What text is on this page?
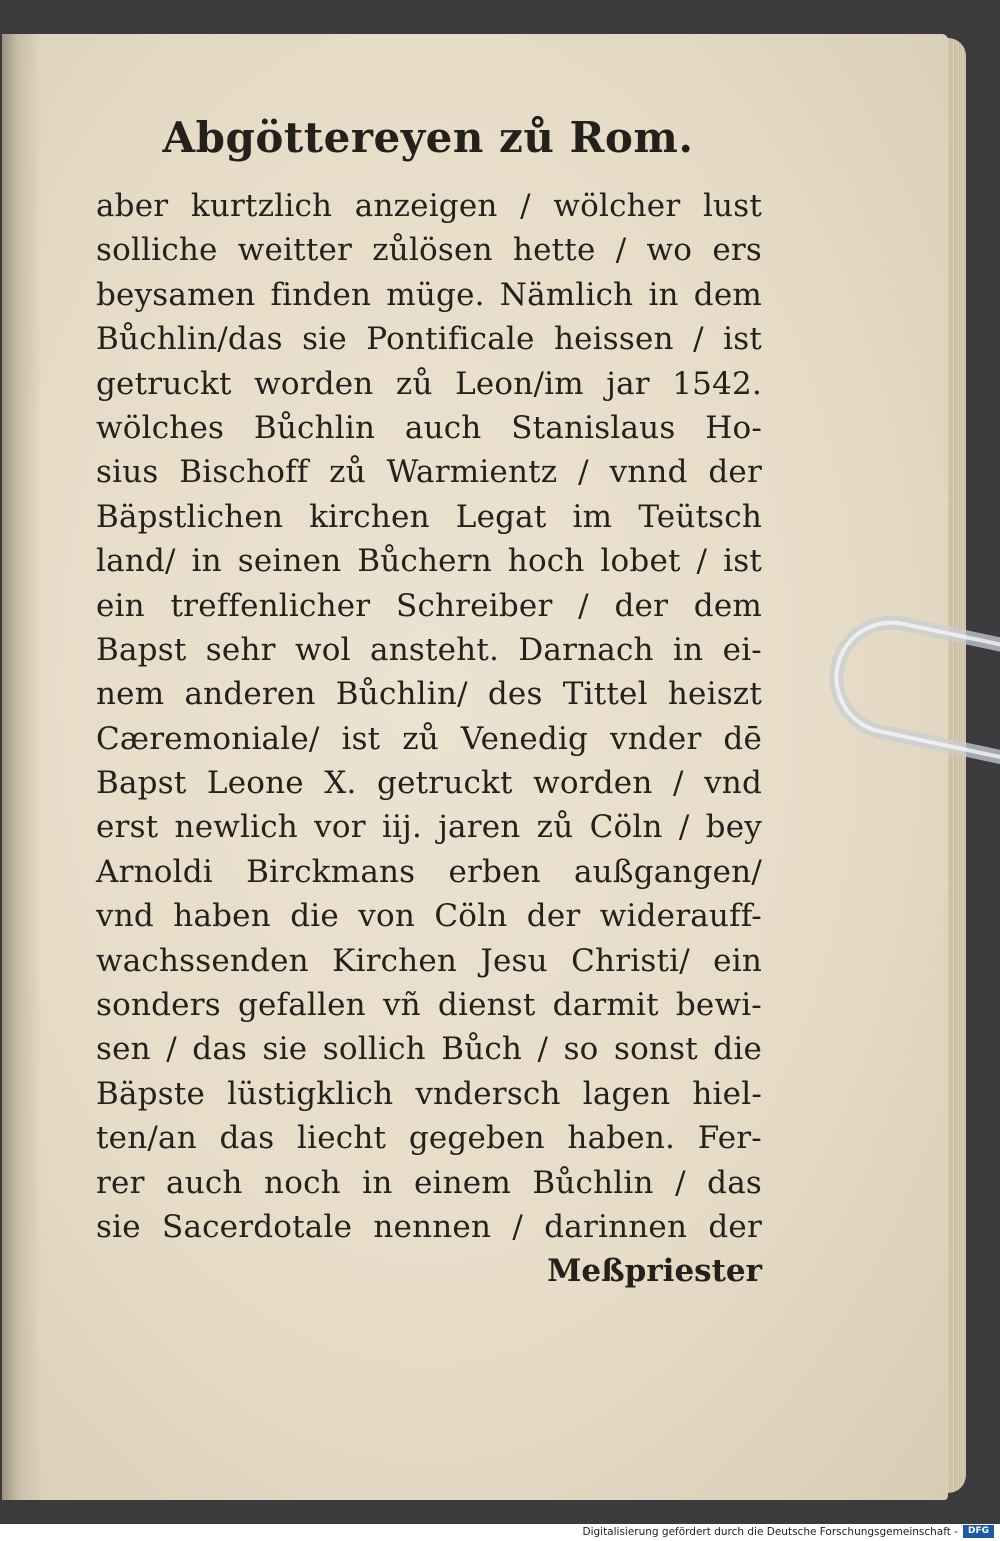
Abgöttereyen zů Rom.
aber kurtzlich anzeigen / wölcher lust
solliche weitter zůlösen hette / wo ers
beysamen finden müge. Nämlich in dem
Bůchlin/das sie Pontificale heissen / ist
getruckt worden zů Leon/im jar 1542.
wölches Bůchlin auch Stanislaus Ho-
sius Bischoff zů Warmientz / vnnd der
Bäpstlichen kirchen Legat im Teütsch
land/ in seinen Bůchern hoch lobet / ist
ein treffenlicher Schreiber / der dem
Bapst sehr wol ansteht. Darnach in ei-
nem anderen Bůchlin/ des Tittel heiszt
Cæremoniale/ ist zů Venedig vnder dē
Bapst Leone X. getruckt worden / vnd
erst newlich vor iij. jaren zů Cöln / bey
Arnoldi Birckmans erben außgangen/
vnd haben die von Cöln der widerauff-
wachssenden Kirchen Jesu Christi/ ein
sonders gefallen vñ dienst darmit bewi-
sen / das sie sollich Bůch / so sonst die
Bäpste lüstigklich vndersch lagen hiel-
ten/an das liecht gegeben haben. Fer-
rer auch noch in einem Bůchlin / das
sie Sacerdotale nennen / darinnen der
Meßpriester
Digitalisierung gefördert durch die Deutsche Forschungsgemeinschaft -	DFG
